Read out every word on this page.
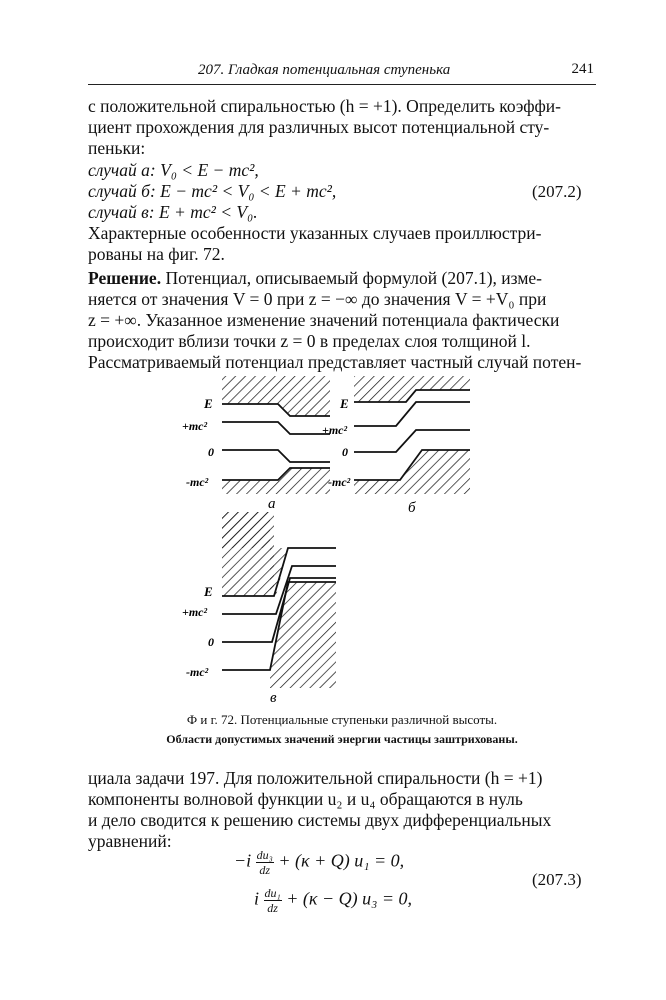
207. Гладкая потенциальная ступенька	241
с положительной спиральностью (h = +1). Определить коэффи-
циент прохождения для различных высот потенциальной сту-
пеньки:
случай а: V₀ < E − mc²,
случай б: E − mc² < V₀ < E + mc²,	(207.2)
случай в: E + mc² < V₀.
Характерные особенности указанных случаев проиллюстри-
рованы на фиг. 72.
Решение. Потенциал, описываемый формулой (207.1), изме-
няется от значения V = 0 при z = −∞ до значения V = +V₀ при
z = +∞. Указанное изменение значений потенциала фактически
происходит вблизи точки z = 0 в пределах слоя толщиной l.
Рассматриваемый потенциал представляет частный случай потен-
E
+mc²
0
-mc²
а
E
+mc²
0
-mc²
б
E
+mc²
0
-mc²
в
Ф и г. 72. Потенциальные ступеньки различной высоты.
Области допустимых значений энергии частицы заштрихованы.
циала задачи 197. Для положительной спиральности (h = +1)
компоненты волновой функции u₂ и u₄ обращаются в нуль
и дело сводится к решению системы двух дифференциальных
уравнений:
$-i \frac{\text{du₃}}{dz} + (\kappa + Q) u_1 = 0$,
(207.3)
i $\frac{\text{du₁}}{dz} + (\kappa - Q) u_3 = 0$,
